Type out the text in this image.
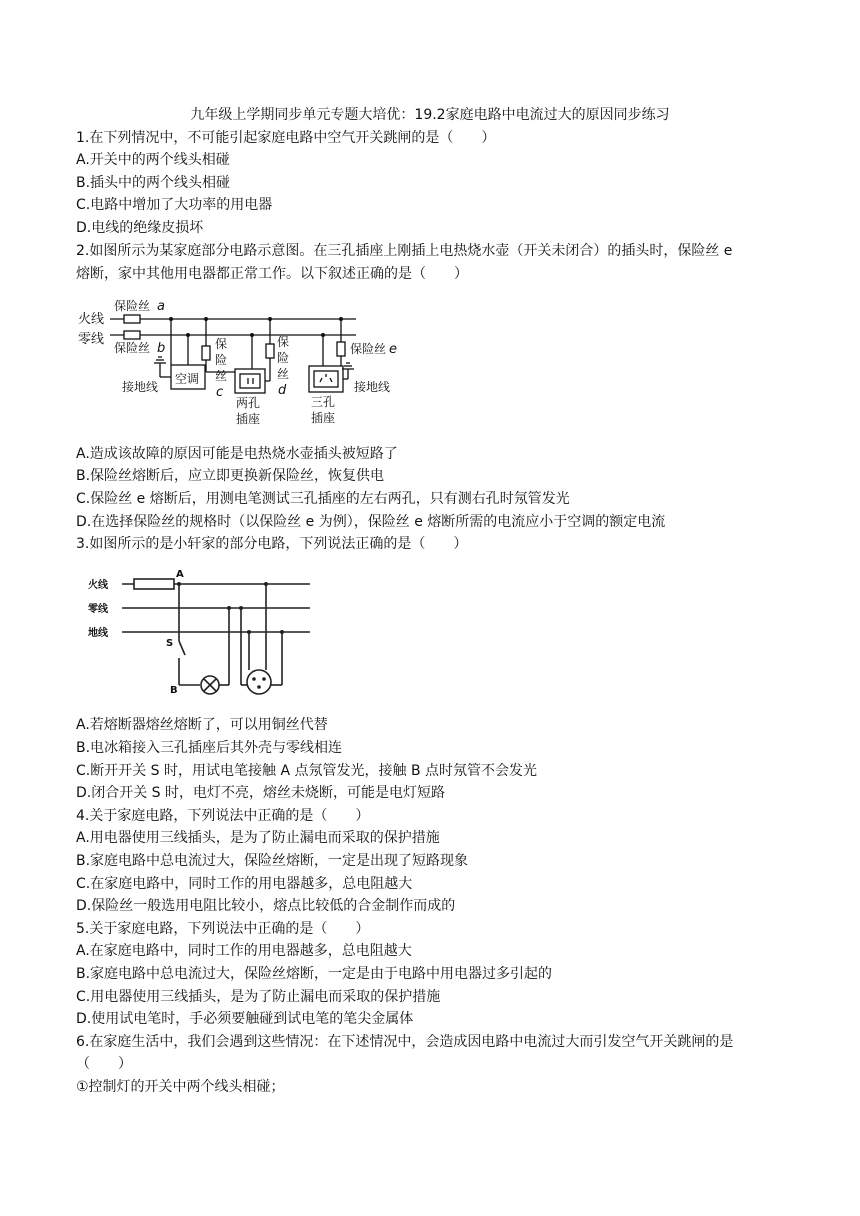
九年级上学期同步单元专题大培优：19.2家庭电路中电流过大的原因同步练习
1.在下列情况中，不可能引起家庭电路中空气开关跳闸的是（　　）
A.开关中的两个线头相碰
B.插头中的两个线头相碰
C.电路中增加了大功率的用电器
D.电线的绝缘皮损坏
2.如图所示为某家庭部分电路示意图。在三孔插座上刚插上电热烧水壶（开关未闭合）的插头时，保险丝 e
熔断，家中其他用电器都正常工作。以下叙述正确的是（　　）
火线
零线
保险丝 a
保险丝 b
接地线
空调
保
险
丝
c
两孔
插座
保
险
丝
d
保险丝 e
三孔
插座
接地线
A.造成该故障的原因可能是电热烧水壶插头被短路了
B.保险丝熔断后，应立即更换新保险丝，恢复供电
C.保险丝 e 熔断后，用测电笔测试三孔插座的左右两孔，只有测右孔时氖管发光
D.在选择保险丝的规格时（以保险丝 e 为例），保险丝 e 熔断所需的电流应小于空调的额定电流
3.如图所示的是小轩家的部分电路，下列说法正确的是（　　）
火线
零线
地线
A
S
B
A.若熔断器熔丝熔断了，可以用铜丝代替
B.电冰箱接入三孔插座后其外壳与零线相连
C.断开开关 S 时，用试电笔接触 A 点氖管发光，接触 B 点时氖管不会发光
D.闭合开关 S 时，电灯不亮，熔丝未烧断，可能是电灯短路
4.关于家庭电路，下列说法中正确的是（　　）
A.用电器使用三线插头，是为了防止漏电而采取的保护措施
B.家庭电路中总电流过大，保险丝熔断，一定是出现了短路现象
C.在家庭电路中，同时工作的用电器越多，总电阻越大
D.保险丝一般选用电阻比较小，熔点比较低的合金制作而成的
5.关于家庭电路，下列说法中正确的是（　　）
A.在家庭电路中，同时工作的用电器越多，总电阻越大
B.家庭电路中总电流过大，保险丝熔断，一定是由于电路中用电器过多引起的
C.用电器使用三线插头，是为了防止漏电而采取的保护措施
D.使用试电笔时，手必须要触碰到试电笔的笔尖金属体
6.在家庭生活中，我们会遇到这些情况：在下述情况中，会造成因电路中电流过大而引发空气开关跳闸的是
（　　）
①控制灯的开关中两个线头相碰；
